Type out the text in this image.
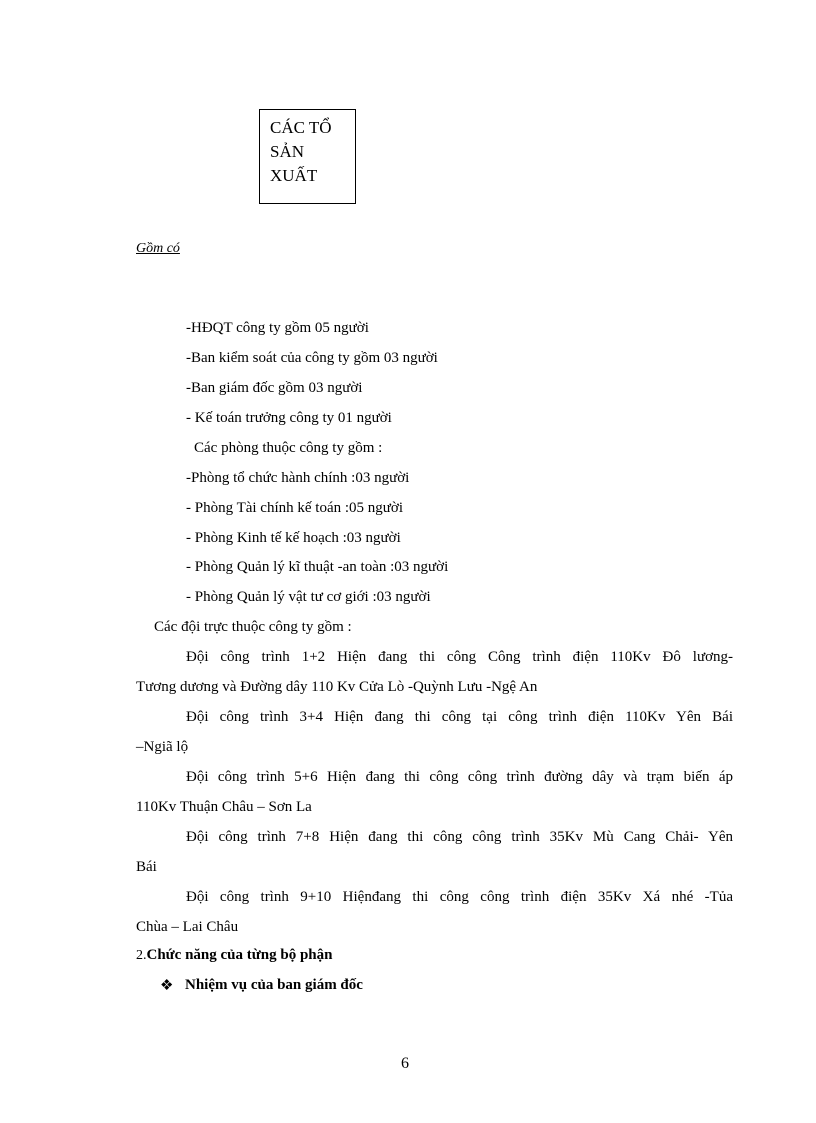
CÁC TỔ
SẢN
XUẤT
Gồm có
-HĐQT công ty gồm 05 người
-Ban kiểm soát của công ty gồm 03 người
-Ban giám đốc gồm 03 người
- Kế toán trưởng công ty 01 người
Các phòng thuộc công ty gồm :
-Phòng tổ chức hành chính :03 người
- Phòng Tài chính kế toán :05 người
- Phòng Kinh tế kế hoạch :03 người
- Phòng Quản lý kĩ thuật -an toàn :03 người
- Phòng Quản lý vật tư cơ giới :03 người
Các đội trực thuộc công ty gồm :
Đội công trình 1+2 Hiện đang thi công Công trình điện 110Kv Đô lương-
Tương dương và Đường dây 110 Kv Cửa Lò -Quỳnh Lưu -Ngệ An
Đội công trình 3+4 Hiện đang thi công tại công trình điện 110Kv Yên Bái
–Ngiã lộ
Đội công trình 5+6 Hiện đang thi công công trình đường dây và trạm biến áp
110Kv Thuận Châu – Sơn La
Đội công trình 7+8 Hiện đang thi công công trình 35Kv Mù Cang Chải- Yên
Bái
Đội công trình 9+10 Hiệnđang thi công công trình điện 35Kv Xá nhé -Tủa
Chùa – Lai Châu
2.Chức năng của từng bộ phận
❖ Nhiệm vụ của ban giám đốc
6
